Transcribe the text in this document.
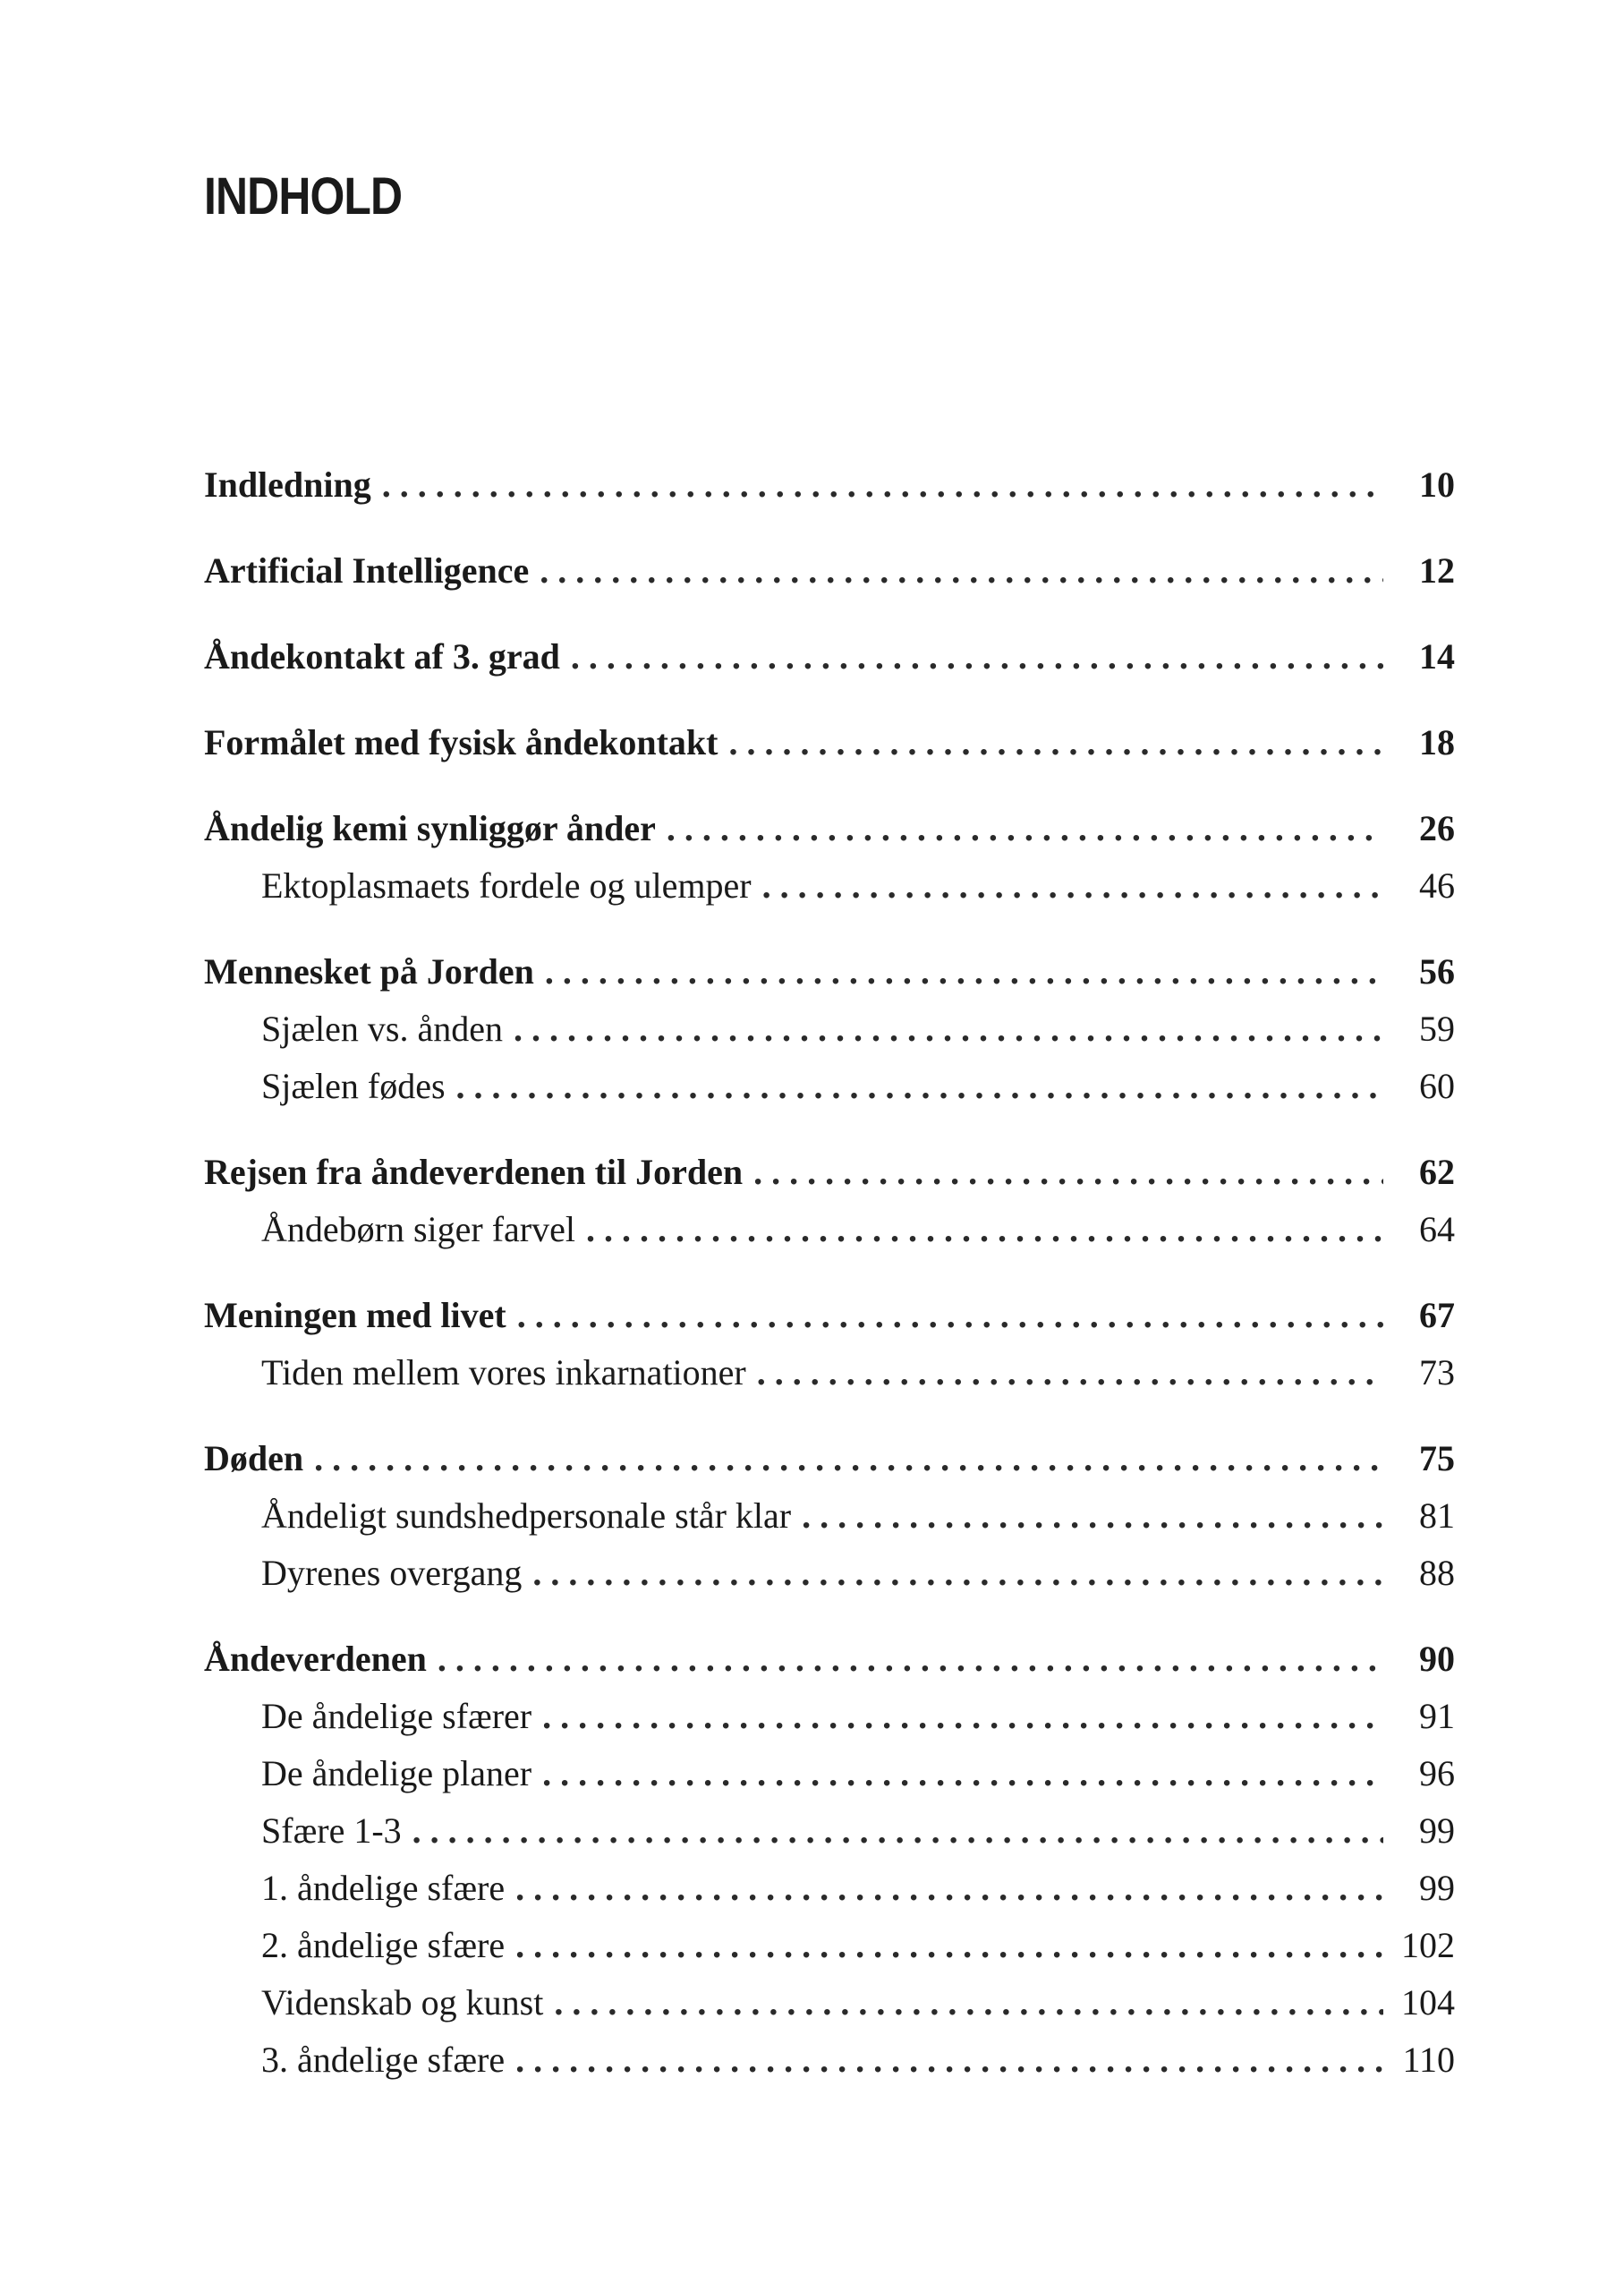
INDHOLD
Indledning . . .	10
Artificial Intelligence . . .	12
Åndekontakt af 3. grad . . .	14
Formålet med fysisk åndekontakt . . .	18
Åndelig kemi synliggør ånder . . .	26
Ektoplasmaets fordele og ulemper . . .	46
Mennesket på Jorden . . .	56
Sjælen vs. ånden . . .	59
Sjælen fødes . . .	60
Rejsen fra åndeverdenen til Jorden . . .	62
Åndebørn siger farvel . . .	64
Meningen med livet . . .	67
Tiden mellem vores inkarnationer . . .	73
Døden . . .	75
Åndeligt sundshedpersonale står klar . . .	81
Dyrenes overgang . . .	88
Åndeverdenen . . .	90
De åndelige sfærer . . .	91
De åndelige planer . . .	96
Sfære 1-3 . . .	99
1. åndelige sfære . . .	99
2. åndelige sfære . . .	102
Videnskab og kunst . . .	104
3. åndelige sfære . . .	110
